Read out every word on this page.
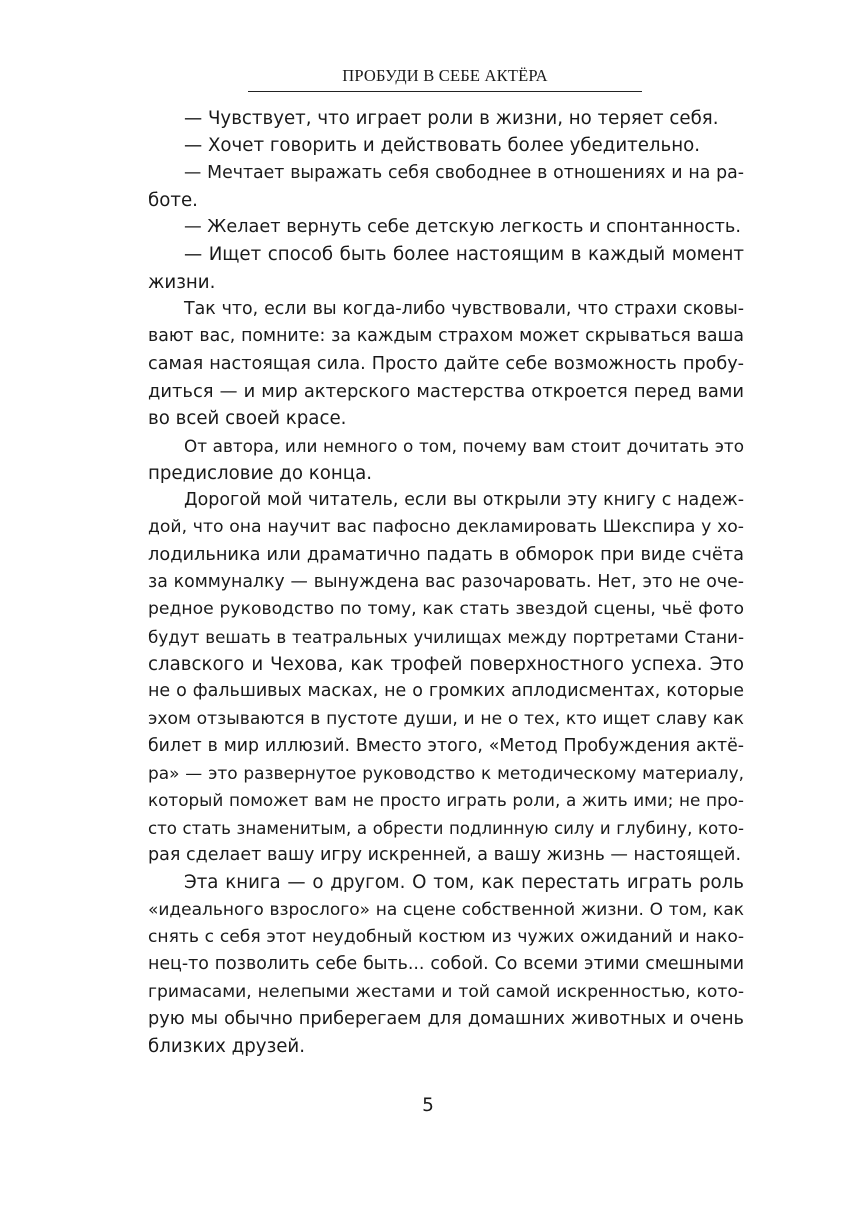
ПРОБУДИ В СЕБЕ АКТЁРА
— Чувствует, что играет роли в жизни, но теряет себя.
— Хочет говорить и действовать более убедительно.
— Мечтает выражать себя свободнее в отношениях и на ра-
боте.
— Желает вернуть себе детскую легкость и спонтанность.
— Ищет способ быть более настоящим в каждый момент
жизни.
Так что, если вы когда-либо чувствовали, что страхи сковы-
вают вас, помните: за каждым страхом может скрываться ваша
самая настоящая сила. Просто дайте себе возможность пробу-
диться — и мир актерского мастерства откроется перед вами
во всей своей красе.
От автора, или немного о том, почему вам стоит дочитать это
предисловие до конца.
Дорогой мой читатель, если вы открыли эту книгу с надеж-
дой, что она научит вас пафосно декламировать Шекспира у хо-
лодильника или драматично падать в обморок при виде счёта
за коммуналку — вынуждена вас разочаровать. Нет, это не оче-
редное руководство по тому, как стать звездой сцены, чьё фото
будут вешать в театральных училищах между портретами Стани-
славского и Чехова, как трофей поверхностного успеха. Это
не о фальшивых масках, не о громких аплодисментах, которые
эхом отзываются в пустоте души, и не о тех, кто ищет славу как
билет в мир иллюзий. Вместо этого, «Метод Пробуждения актё-
ра» — это развернутое руководство к методическому материалу,
который поможет вам не просто играть роли, а жить ими; не про-
сто стать знаменитым, а обрести подлинную силу и глубину, кото-
рая сделает вашу игру искренней, а вашу жизнь — настоящей.
Эта книга — о другом. О том, как перестать играть роль
«идеального взрослого» на сцене собственной жизни. О том, как
снять с себя этот неудобный костюм из чужих ожиданий и нако-
нец-то позволить себе быть... собой. Со всеми этими смешными
гримасами, нелепыми жестами и той самой искренностью, кото-
рую мы обычно приберегаем для домашних животных и очень
близких друзей.
5
